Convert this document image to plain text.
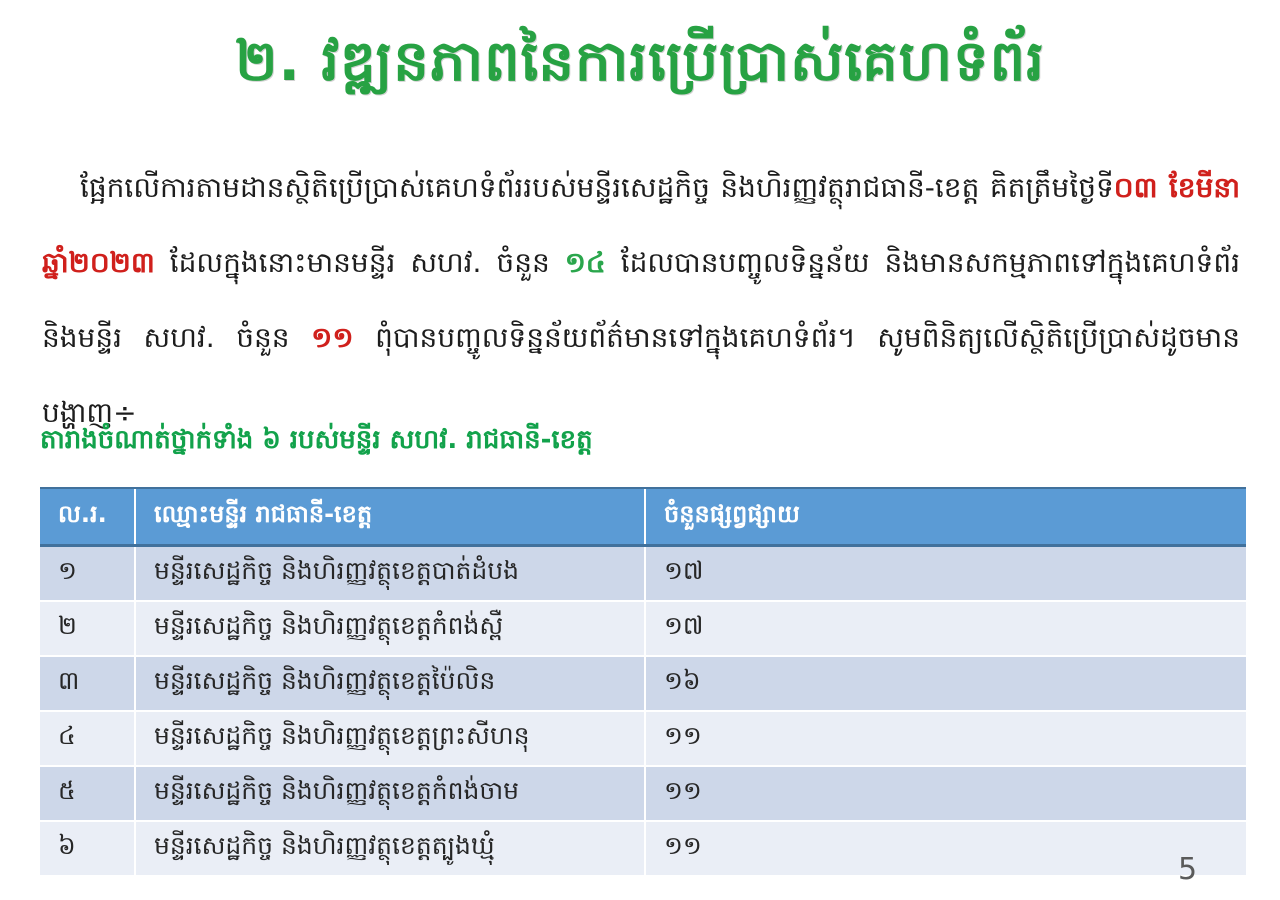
២. វឌ្ឍនភាពនៃការប្រើប្រាស់គេហទំព័រ
ផ្អែកលើការតាមដានស្ថិតិប្រើប្រាស់គេហទំព័ររបស់មន្ទីរសេដ្ឋកិច្ច និងហិរញ្ញវត្ថុរាជធានី-ខេត្ត គិតត្រឹមថ្ងៃទី០៣ ខែមីនា ឆ្នាំ២០២៣ ដែលក្នុងនោះមានមន្ទីរ សហវ. ចំនួន ១៤ ដែលបានបញ្ចូលទិន្នន័យ និងមានសកម្មភាពទៅក្នុងគេហទំព័រ និងមន្ទីរ សហវ. ចំនួន ១១ ពុំបានបញ្ចូលទិន្នន័យព័ត៌មានទៅក្នុងគេហទំព័រ។ សូមពិនិត្យលើស្ថិតិប្រើប្រាស់ដូចមានបង្ហាញ÷
តារាងចំណាត់ថ្នាក់ទាំង ៦ របស់មន្ទីរ សហវ. រាជធានី-ខេត្ត
ល.រ.	ឈ្មោះមន្ទីរ រាជធានី-ខេត្ត	ចំនួនផ្សព្វផ្សាយ
១	មន្ទីរសេដ្ឋកិច្ច និងហិរញ្ញវត្ថុខេត្តបាត់ដំបង	១៧
២	មន្ទីរសេដ្ឋកិច្ច និងហិរញ្ញវត្ថុខេត្តកំពង់ស្ពឺ	១៧
៣	មន្ទីរសេដ្ឋកិច្ច និងហិរញ្ញវត្ថុខេត្តប៉ៃលិន	១៦
៤	មន្ទីរសេដ្ឋកិច្ច និងហិរញ្ញវត្ថុខេត្តព្រះសីហនុ	១១
៥	មន្ទីរសេដ្ឋកិច្ច និងហិរញ្ញវត្ថុខេត្តកំពង់ចាម	១១
៦	មន្ទីរសេដ្ឋកិច្ច និងហិរញ្ញវត្ថុខេត្តត្បូងឃ្មុំ	១១
5
